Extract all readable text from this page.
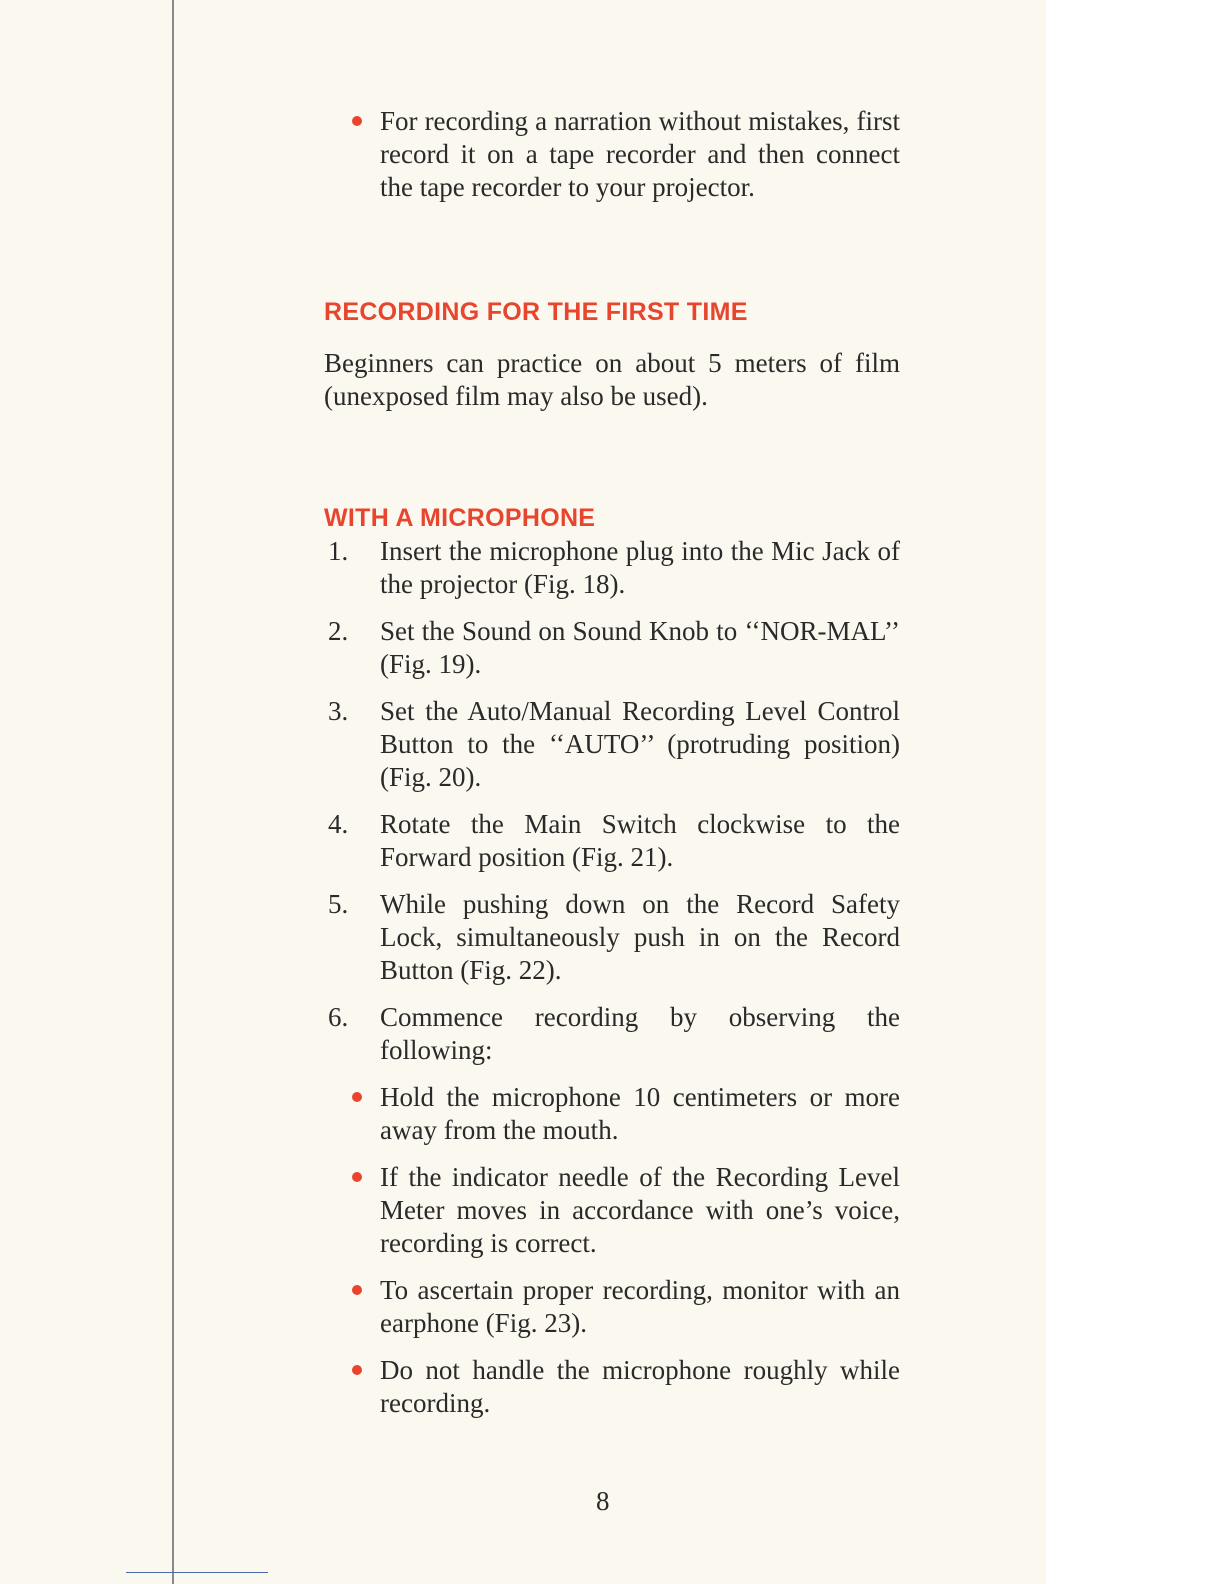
For recording a narration without mistakes, first record it on a tape recorder and then connect the tape recorder to your projector.
RECORDING FOR THE FIRST TIME
Beginners can practice on about 5 meters of film (unexposed film may also be used).
WITH A MICROPHONE
1. Insert the microphone plug into the Mic Jack of the projector (Fig. 18).
2. Set the Sound on Sound Knob to ‘‘NOR-MAL’’ (Fig. 19).
3. Set the Auto/Manual Recording Level Control Button to the ‘‘AUTO’’ (protruding position) (Fig. 20).
4. Rotate the Main Switch clockwise to the Forward position (Fig. 21).
5. While pushing down on the Record Safety Lock, simultaneously push in on the Record Button (Fig. 22).
6. Commence recording by observing the following:
Hold the microphone 10 centimeters or more away from the mouth.
If the indicator needle of the Recording Level Meter moves in accordance with one’s voice, recording is correct.
To ascertain proper recording, monitor with an earphone (Fig. 23).
Do not handle the microphone roughly while recording.
8
